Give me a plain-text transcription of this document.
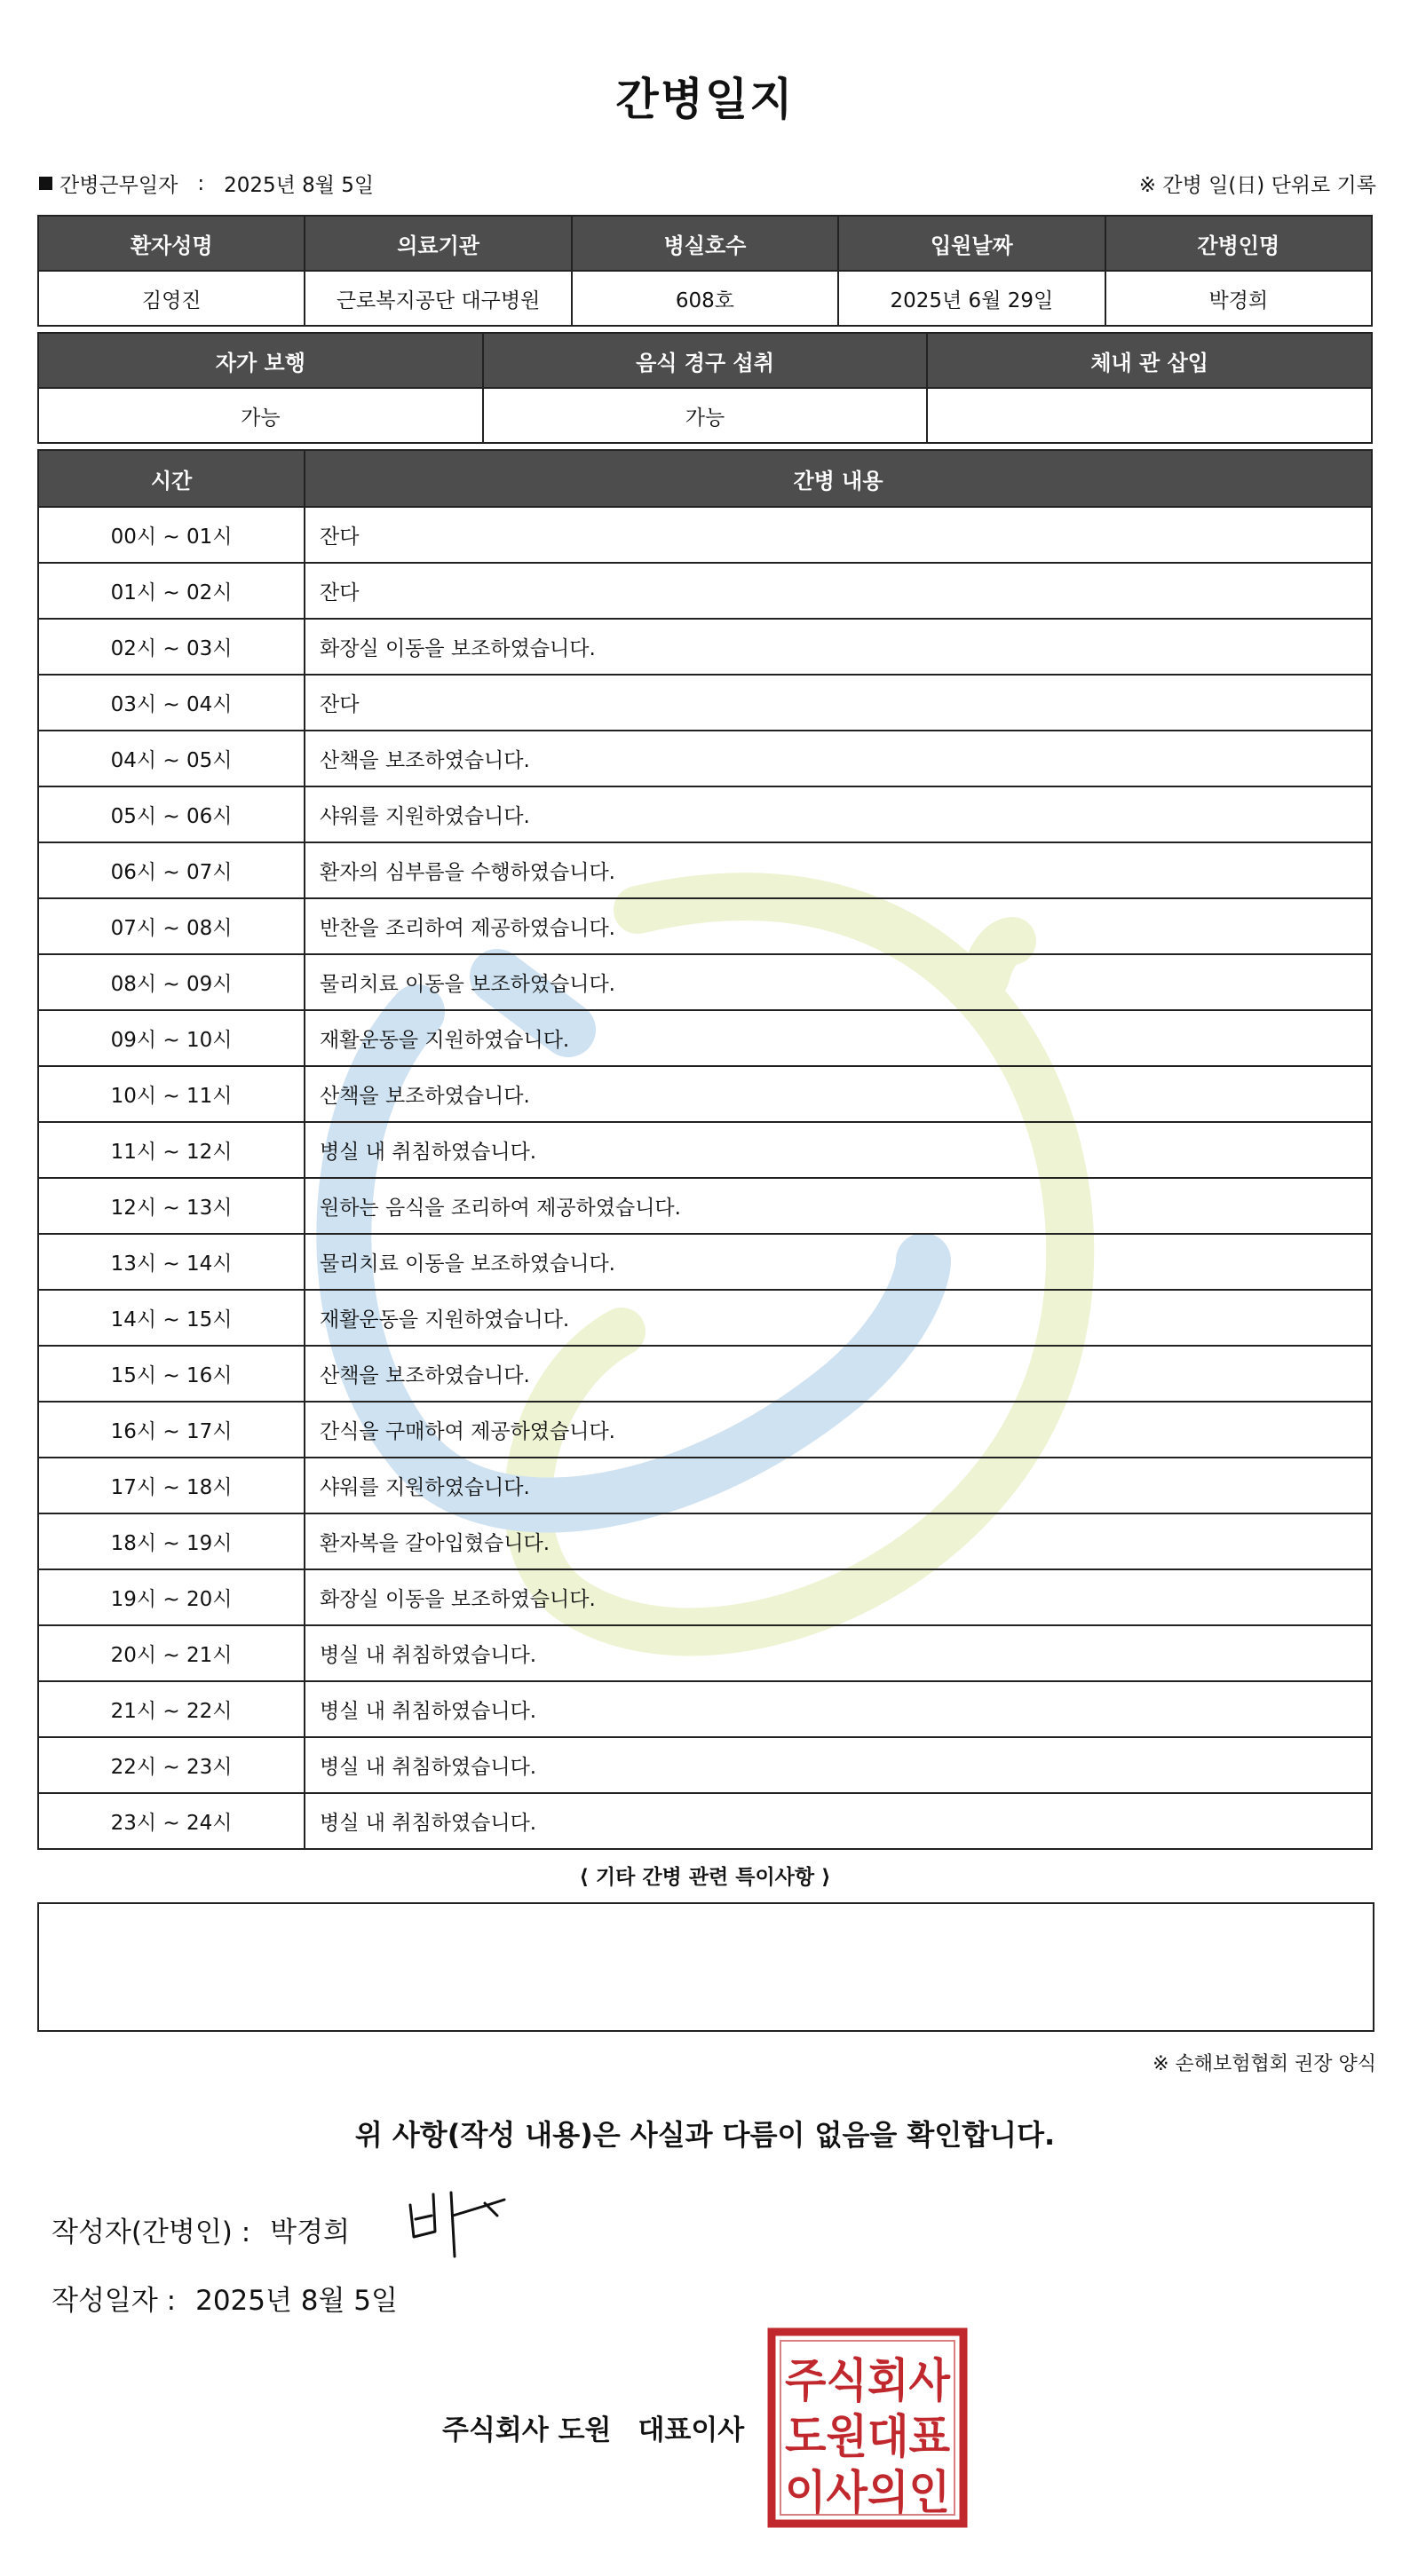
간병일지
간병근무일자 : 2025년 8월 5일	※ 간병 일(日) 단위로 기록
환자성명	의료기관	병실호수	입원날짜	간병인명
김영진	근로복지공단 대구병원	608호	2025년 6월 29일	박경희
자가 보행	음식 경구 섭취	체내 관 삽입
가능	가능	
시간	간병 내용
00시 ~ 01시	잔다
01시 ~ 02시	잔다
02시 ~ 03시	화장실 이동을 보조하였습니다.
03시 ~ 04시	잔다
04시 ~ 05시	산책을 보조하였습니다.
05시 ~ 06시	샤워를 지원하였습니다.
06시 ~ 07시	환자의 심부름을 수행하였습니다.
07시 ~ 08시	반찬을 조리하여 제공하였습니다.
08시 ~ 09시	물리치료 이동을 보조하였습니다.
09시 ~ 10시	재활운동을 지원하였습니다.
10시 ~ 11시	산책을 보조하였습니다.
11시 ~ 12시	병실 내 취침하였습니다.
12시 ~ 13시	원하는 음식을 조리하여 제공하였습니다.
13시 ~ 14시	물리치료 이동을 보조하였습니다.
14시 ~ 15시	재활운동을 지원하였습니다.
15시 ~ 16시	산책을 보조하였습니다.
16시 ~ 17시	간식을 구매하여 제공하였습니다.
17시 ~ 18시	샤워를 지원하였습니다.
18시 ~ 19시	환자복을 갈아입혔습니다.
19시 ~ 20시	화장실 이동을 보조하였습니다.
20시 ~ 21시	병실 내 취침하였습니다.
21시 ~ 22시	병실 내 취침하였습니다.
22시 ~ 23시	병실 내 취침하였습니다.
23시 ~ 24시	병실 내 취침하였습니다.
⟨ 기타 간병 관련 특이사항 ⟩
※ 손해보험협회 권장 양식
위 사항(작성 내용)은 사실과 다름이 없음을 확인합니다.
작성자(간병인) : 박경희
작성일자 : 2025년 8월 5일
주식회사 도원 대표이사
주식회사
도원대표
이사의인
